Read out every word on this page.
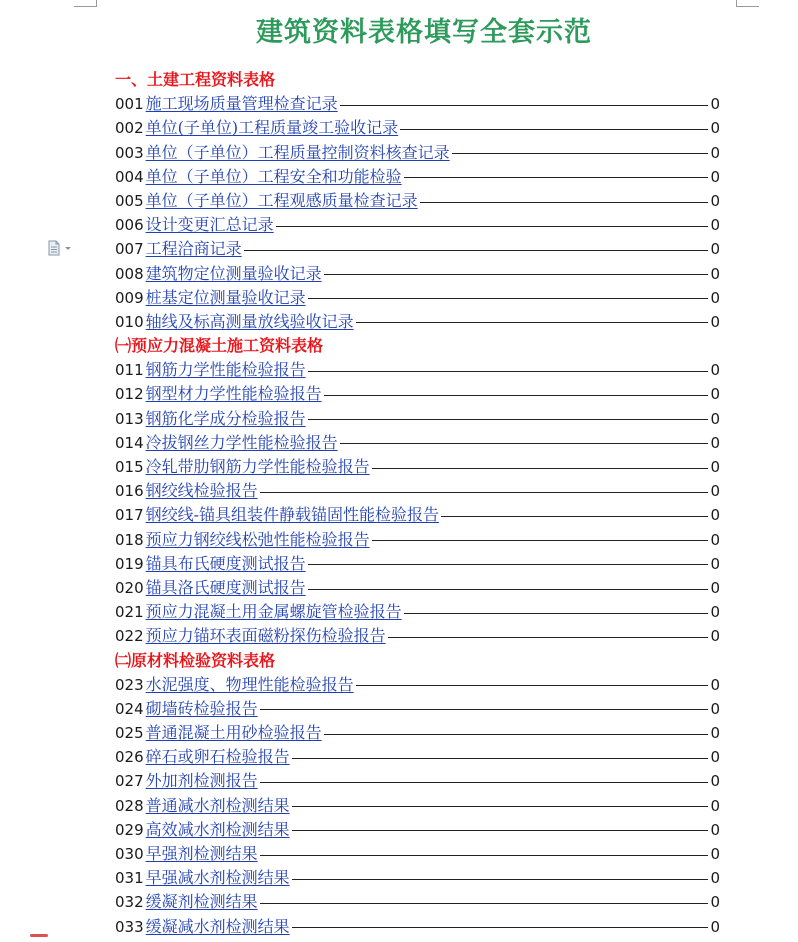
建筑资料表格填写全套示范
一、土建工程资料表格
001 施工现场质量管理检查记录	0
002 单位(子单位)工程质量竣工验收记录	0
003 单位（子单位）工程质量控制资料核查记录	0
004 单位（子单位）工程安全和功能检验	0
005 单位（子单位）工程观感质量检查记录	0
006 设计变更汇总记录	0
007 工程洽商记录	0
008 建筑物定位测量验收记录	0
009 桩基定位测量验收记录	0
010 轴线及标高测量放线验收记录	0
㈠预应力混凝土施工资料表格
011 钢筋力学性能检验报告	0
012 钢型材力学性能检验报告	0
013 钢筋化学成分检验报告	0
014 冷拔钢丝力学性能检验报告	0
015 冷轧带肋钢筋力学性能检验报告	0
016 钢绞线检验报告	0
017 钢绞线-锚具组装件静载锚固性能检验报告	0
018 预应力钢绞线松弛性能检验报告	0
019 锚具布氏硬度测试报告	0
020 锚具洛氏硬度测试报告	0
021 预应力混凝土用金属螺旋管检验报告	0
022 预应力锚环表面磁粉探伤检验报告	0
㈡原材料检验资料表格
023 水泥强度、物理性能检验报告	0
024 砌墙砖检验报告	0
025 普通混凝土用砂检验报告	0
026 碎石或卵石检验报告	0
027 外加剂检测报告	0
028 普通减水剂检测结果	0
029 高效减水剂检测结果	0
030 早强剂检测结果	0
031 早强减水剂检测结果	0
032 缓凝剂检测结果	0
033 缓凝减水剂检测结果	0
